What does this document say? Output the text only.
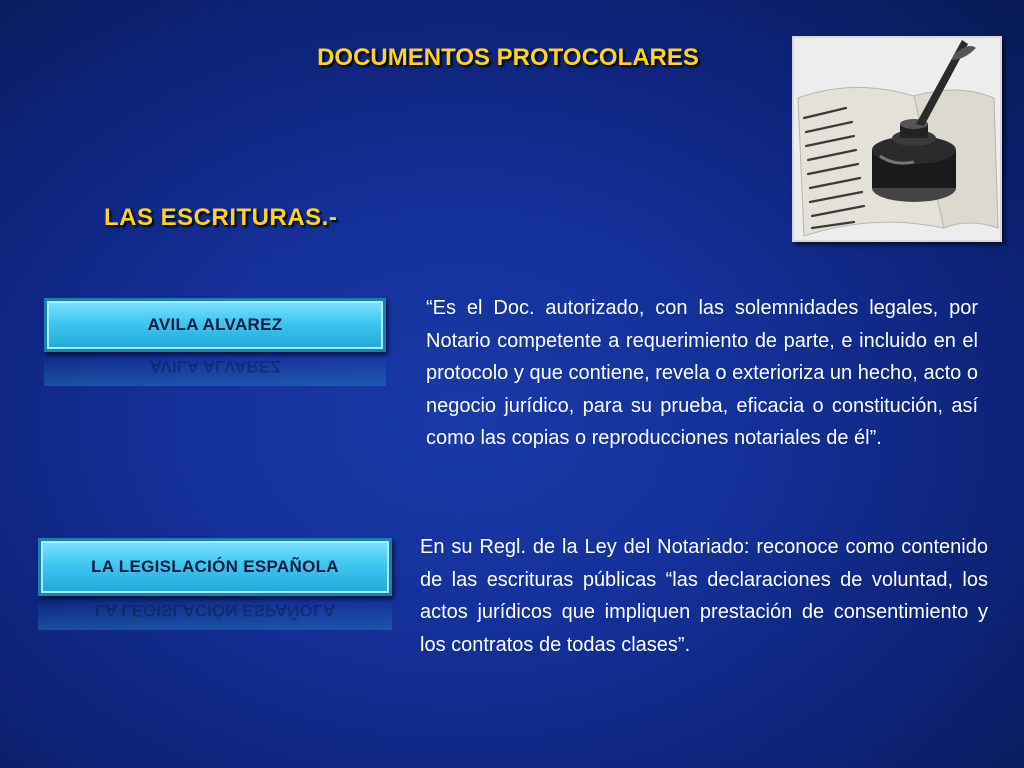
DOCUMENTOS PROTOCOLARES
LAS ESCRITURAS.-
AVILA ALVAREZ
AVILA ALVAREZ
“Es el Doc. autorizado, con las solemnidades legales, por Notario competente a requerimiento de parte, e incluido en el protocolo y que contiene, revela o exterioriza un hecho, acto o negocio jurídico, para su prueba, eficacia o constitución, así como las copias o reproducciones notariales de él”.
LA LEGISLACIÓN ESPAÑOLA
LA LEGISLACIÓN ESPAÑOLA
En su Regl. de la Ley del Notariado: reconoce como contenido de las escrituras públicas “las declaraciones de voluntad, los actos jurídicos que impliquen prestación de consentimiento y los contratos de todas clases”.
